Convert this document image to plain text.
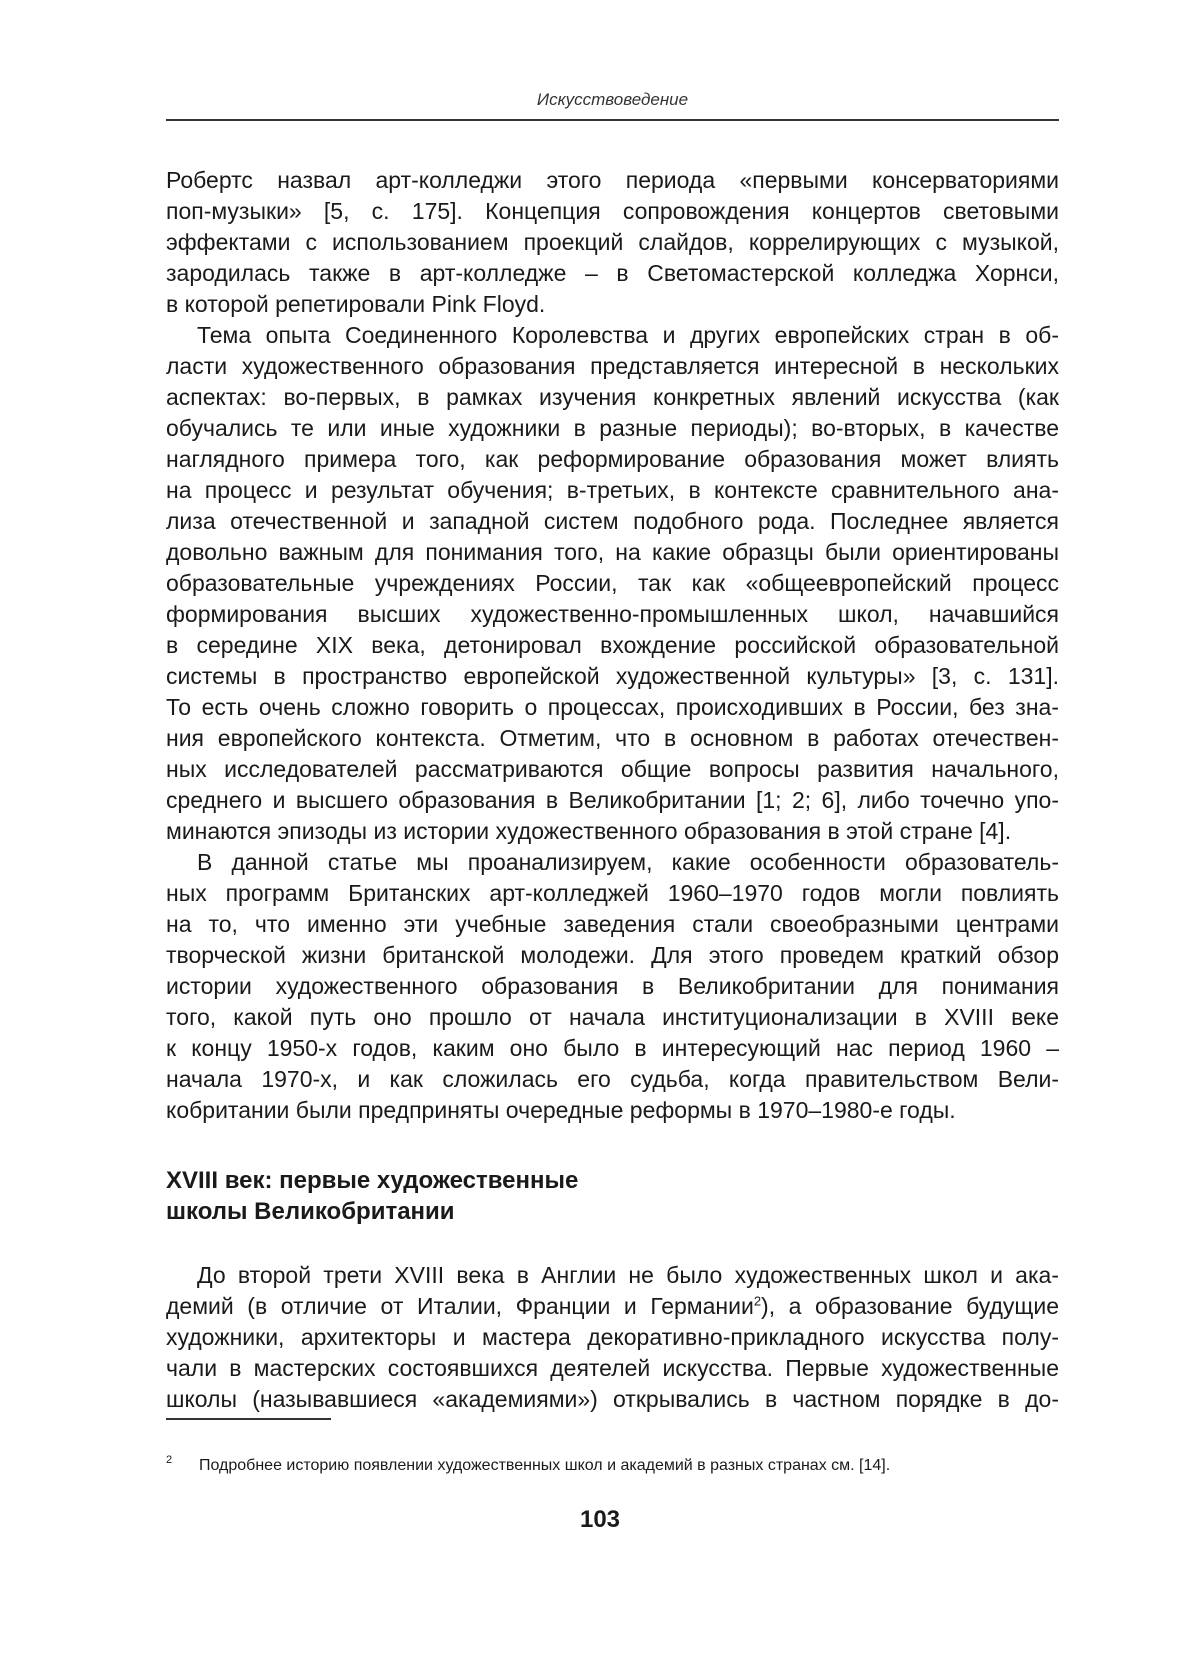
Искусствоведение
Робертс назвал арт-колледжи этого периода «первыми консерваториями
поп-музыки» [5, с. 175]. Концепция сопровождения концертов световыми
эффектами с использованием проекций слайдов, коррелирующих с музыкой,
зародилась также в арт-колледже – в Светомастерской колледжа Хорнси,
в которой репетировали Pink Floyd.
Тема опыта Соединенного Королевства и других европейских стран в об-
ласти художественного образования представляется интересной в нескольких
аспектах: во-первых, в рамках изучения конкретных явлений искусства (как
обучались те или иные художники в разные периоды); во-вторых, в качестве
наглядного примера того, как реформирование образования может влиять
на процесс и результат обучения; в-третьих, в контексте сравнительного ана-
лиза отечественной и западной систем подобного рода. Последнее является
довольно важным для понимания того, на какие образцы были ориентированы
образовательные учреждениях России, так как «общеевропейский процесс
формирования высших художественно-промышленных школ, начавшийся
в середине XIX века, детонировал вхождение российской образовательной
системы в пространство европейской художественной культуры» [3, с. 131].
То есть очень сложно говорить о процессах, происходивших в России, без зна-
ния европейского контекста. Отметим, что в основном в работах отечествен-
ных исследователей рассматриваются общие вопросы развития начального,
среднего и высшего образования в Великобритании [1; 2; 6], либо точечно упо-
минаются эпизоды из истории художественного образования в этой стране [4].
В данной статье мы проанализируем, какие особенности образователь-
ных программ Британских арт-колледжей 1960–1970 годов могли повлиять
на то, что именно эти учебные заведения стали своеобразными центрами
творческой жизни британской молодежи. Для этого проведем краткий обзор
истории художественного образования в Великобритании для понимания
того, какой путь оно прошло от начала институционализации в XVIII веке
к концу 1950-х годов, каким оно было в интересующий нас период 1960 –
начала 1970-х, и как сложилась его судьба, когда правительством Вели-
кобритании были предприняты очередные реформы в 1970–1980-е годы.
XVIII век: первые художественные
школы Великобритании
До второй трети XVIII века в Англии не было художественных школ и ака-
демий (в отличие от Италии, Франции и Германии$^2$), а образование будущие
художники, архитекторы и мастера декоративно-прикладного искусства полу-
чали в мастерских состоявшихся деятелей искусства. Первые художественные
школы (называвшиеся «академиями») открывались в частном порядке в до-
2 Подробнее историю появлении художественных школ и академий в разных странах см. [14].
103
